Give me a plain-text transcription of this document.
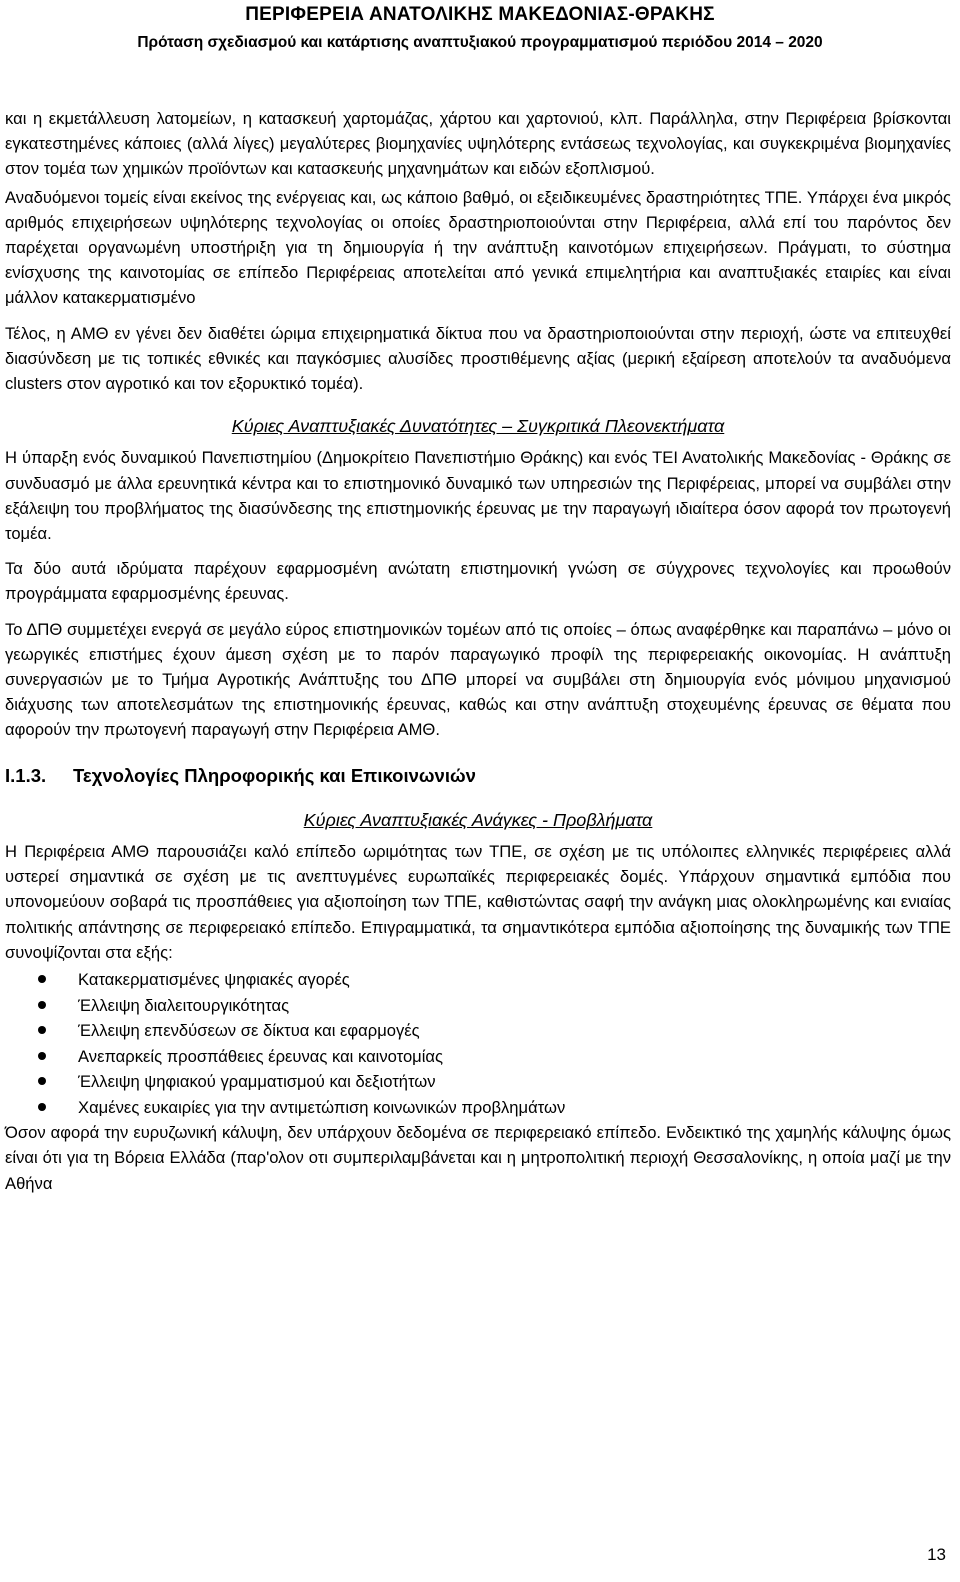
ΠΕΡΙΦΕΡΕΙΑ ΑΝΑΤΟΛΙΚΗΣ ΜΑΚΕΔΟΝΙΑΣ-ΘΡΑΚΗΣ
Πρόταση σχεδιασμού και κατάρτισης αναπτυξιακού προγραμματισμού περιόδου 2014 – 2020

και η εκμετάλλευση λατομείων, η κατασκευή χαρτομάζας, χάρτου και χαρτονιού, κλπ. Παράλληλα, στην Περιφέρεια βρίσκονται εγκατεστημένες κάποιες (αλλά λίγες) μεγαλύτερες βιομηχανίες υψηλότερης εντάσεως τεχνολογίας, και συγκεκριμένα βιομηχανίες στον τομέα των χημικών προϊόντων και κατασκευής μηχανημάτων και ειδών εξοπλισμού.

Αναδυόμενοι τομείς είναι εκείνος της ενέργειας και, ως κάποιο βαθμό, οι εξειδικευμένες δραστηριότητες ΤΠΕ. Υπάρχει ένα μικρός αριθμός επιχειρήσεων υψηλότερης τεχνολογίας οι οποίες δραστηριοποιούνται στην Περιφέρεια, αλλά επί του παρόντος δεν παρέχεται οργανωμένη υποστήριξη για τη δημιουργία ή την ανάπτυξη καινοτόμων επιχειρήσεων. Πράγματι, το σύστημα ενίσχυσης της καινοτομίας σε επίπεδο Περιφέρειας αποτελείται από γενικά επιμελητήρια και αναπτυξιακές εταιρίες και είναι μάλλον κατακερματισμένο

Τέλος, η ΑΜΘ εν γένει δεν διαθέτει ώριμα επιχειρηματικά δίκτυα που να δραστηριοποιούνται στην περιοχή, ώστε να επιτευχθεί διασύνδεση με τις τοπικές εθνικές και παγκόσμιες αλυσίδες προστιθέμενης αξίας (μερική εξαίρεση αποτελούν τα αναδυόμενα clusters στον αγροτικό και τον εξορυκτικό τομέα).

Κύριες Αναπτυξιακές Δυνατότητες – Συγκριτικά Πλεονεκτήματα

Η ύπαρξη ενός δυναμικού Πανεπιστημίου (Δημοκρίτειο Πανεπιστήμιο Θράκης) και ενός ΤΕΙ Ανατολικής Μακεδονίας - Θράκης σε συνδυασμό με άλλα ερευνητικά κέντρα και το επιστημονικό δυναμικό των υπηρεσιών της Περιφέρειας, μπορεί να συμβάλει στην εξάλειψη του προβλήματος της διασύνδεσης της επιστημονικής έρευνας με την παραγωγή ιδιαίτερα όσον αφορά τον πρωτογενή τομέα.

Τα δύο αυτά ιδρύματα παρέχουν εφαρμοσμένη ανώτατη επιστημονική γνώση σε σύγχρονες τεχνολογίες και προωθούν προγράμματα εφαρμοσμένης έρευνας.

Το ΔΠΘ συμμετέχει ενεργά σε μεγάλο εύρος επιστημονικών τομέων από τις οποίες – όπως αναφέρθηκε και παραπάνω – μόνο οι γεωργικές επιστήμες έχουν άμεση σχέση με το παρόν παραγωγικό προφίλ της περιφερειακής οικονομίας. Η ανάπτυξη συνεργασιών με το Τμήμα Αγροτικής Ανάπτυξης του ΔΠΘ μπορεί να συμβάλει στη δημιουργία ενός μόνιμου μηχανισμού διάχυσης των αποτελεσμάτων της επιστημονικής έρευνας, καθώς και στην ανάπτυξη στοχευμένης έρευνας σε θέματα που αφορούν την πρωτογενή παραγωγή στην Περιφέρεια ΑΜΘ.

I.1.3.	Τεχνολογίες Πληροφορικής και Επικοινωνιών
Κύριες Αναπτυξιακές Ανάγκες - Προβλήματα

Η Περιφέρεια ΑΜΘ παρουσιάζει καλό επίπεδο ωριμότητας των ΤΠΕ, σε σχέση με τις υπόλοιπες ελληνικές περιφέρειες αλλά υστερεί σημαντικά σε σχέση με τις ανεπτυγμένες ευρωπαϊκές περιφερειακές δομές. Υπάρχουν σημαντικά εμπόδια που υπονομεύουν σοβαρά τις προσπάθειες για αξιοποίηση των ΤΠΕ, καθιστώντας σαφή την ανάγκη μιας ολοκληρωμένης και ενιαίας πολιτικής απάντησης σε περιφερειακό επίπεδο. Επιγραμματικά, τα σημαντικότερα εμπόδια αξιοποίησης της δυναμικής των ΤΠΕ συνοψίζονται στα εξής:

Κατακερματισμένες ψηφιακές αγορές
Έλλειψη διαλειτουργικότητας
Έλλειψη επενδύσεων σε δίκτυα και εφαρμογές
Ανεπαρκείς προσπάθειες έρευνας και καινοτομίας
Έλλειψη ψηφιακού γραμματισμού και δεξιοτήτων
Χαμένες ευκαιρίες για την αντιμετώπιση κοινωνικών προβλημάτων

Όσον αφορά την ευρυζωνική κάλυψη, δεν υπάρχουν δεδομένα σε περιφερειακό επίπεδο. Ενδεικτικό της χαμηλής κάλυψης όμως είναι ότι για τη Βόρεια Ελλάδα (παρ'ολον οτι συμπεριλαμβάνεται και η μητροπολιτική περιοχή Θεσσαλονίκης, η οποία μαζί με την Αθήνα

13
